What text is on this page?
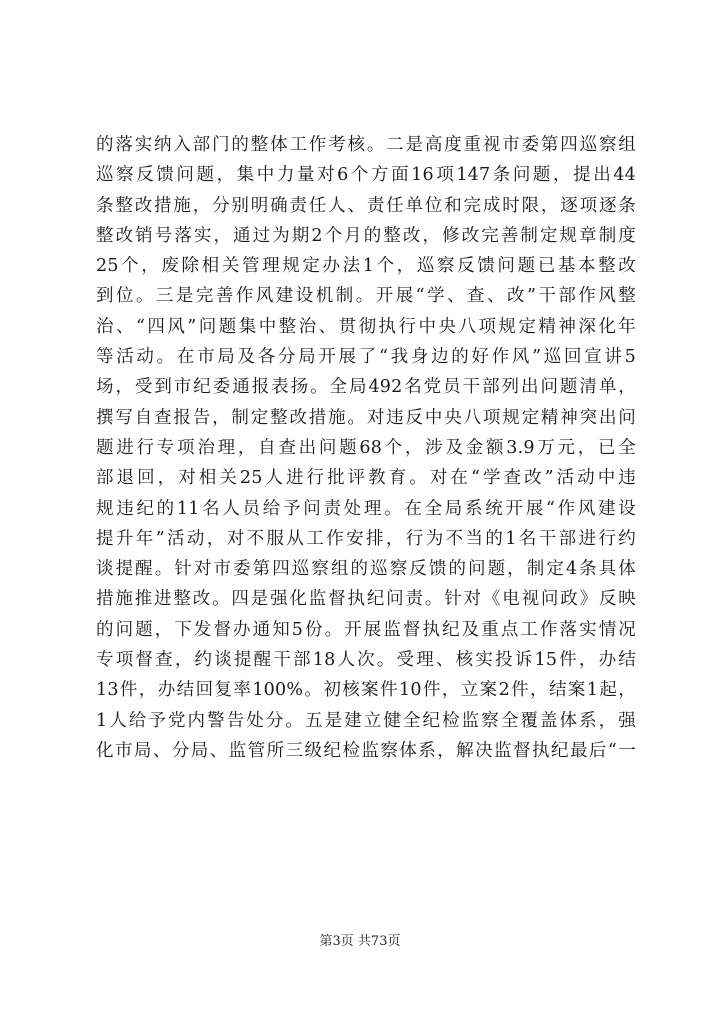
的落实纳入部门的整体工作考核。二是高度重视市委第四巡察组
巡察反馈问题，集中力量对6个方面16项147条问题，提出44
条整改措施，分别明确责任人、责任单位和完成时限，逐项逐条
整改销号落实，通过为期2个月的整改，修改完善制定规章制度
25个，废除相关管理规定办法1个，巡察反馈问题已基本整改
到位。三是完善作风建设机制。开展“学、查、改”干部作风整
治、“四风”问题集中整治、贯彻执行中央八项规定精神深化年
等活动。在市局及各分局开展了“我身边的好作风”巡回宣讲5
场，受到市纪委通报表扬。全局492名党员干部列出问题清单，
撰写自查报告，制定整改措施。对违反中央八项规定精神突出问
题进行专项治理，自查出问题68个，涉及金额3.9万元，已全
部退回，对相关25人进行批评教育。对在“学查改”活动中违
规违纪的11名人员给予问责处理。在全局系统开展“作风建设
提升年”活动，对不服从工作安排，行为不当的1名干部进行约
谈提醒。针对市委第四巡察组的巡察反馈的问题，制定4条具体
措施推进整改。四是强化监督执纪问责。针对《电视问政》反映
的问题，下发督办通知5份。开展监督执纪及重点工作落实情况
专项督查，约谈提醒干部18人次。受理、核实投诉15件，办结
13件，办结回复率100%。初核案件10件，立案2件，结案1起，
1人给予党内警告处分。五是建立健全纪检监察全覆盖体系，强
化市局、分局、监管所三级纪检监察体系，解决监督执纪最后“一
第3页 共73页
